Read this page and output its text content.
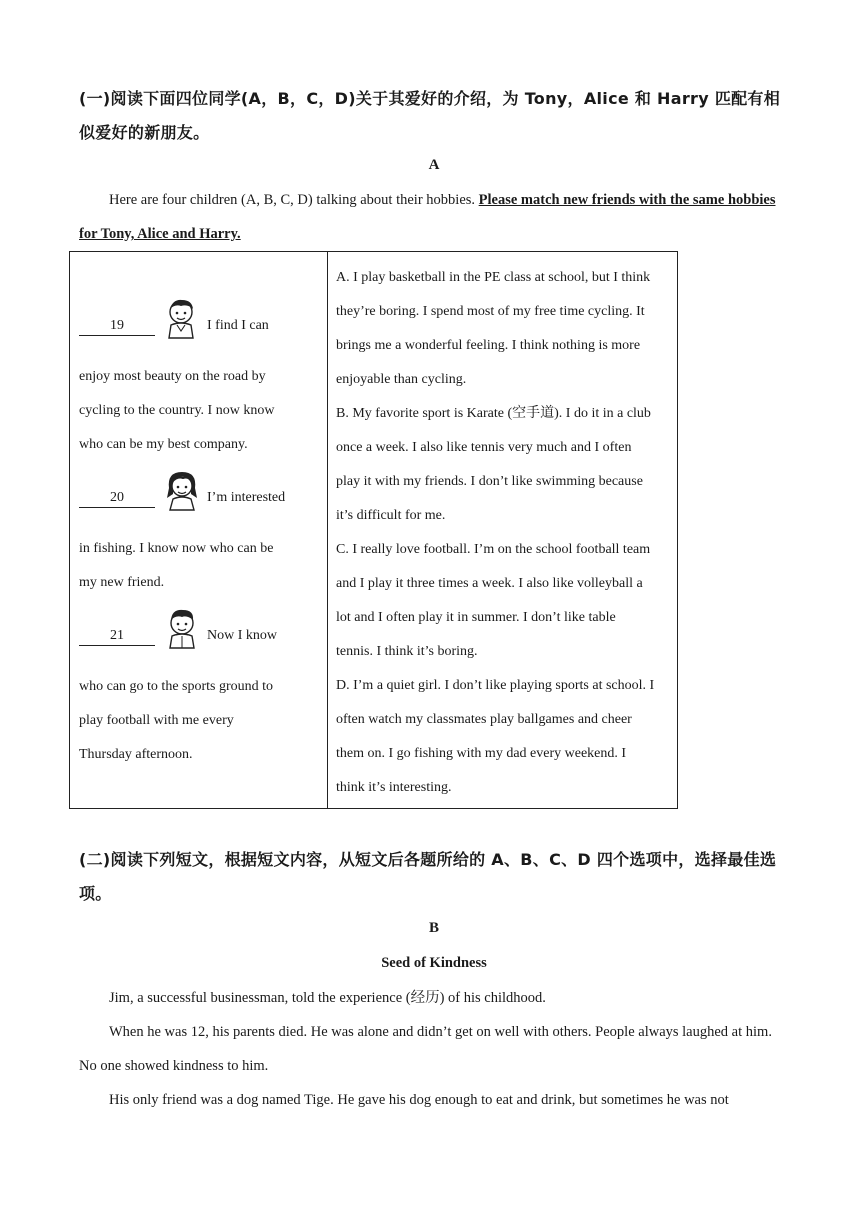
(一)阅读下面四位同学(A，B，C，D)关于其爱好的介绍，为 Tony，Alice 和 Harry 匹配有相似爱好的新朋友。
A
Here are four children (A, B, C, D) talking about their hobbies. Please match new friends with the same hobbies for Tony, Alice and Harry.
19	I find I can
enjoy most beauty on the road by
cycling to the country. I now know
who can be my best company.
20	I’m interested
in fishing. I know now who can be
my new friend.
21	Now I know
who can go to the sports ground to
play football with me every
Thursday afternoon.

A. I play basketball in the PE class at school, but I think
they’re boring. I spend most of my free time cycling. It
brings me a wonderful feeling. I think nothing is more
enjoyable than cycling.
B. My favorite sport is Karate (空手道). I do it in a club
once a week. I also like tennis very much and I often
play it with my friends. I don’t like swimming because
it’s difficult for me.
C. I really love football. I’m on the school football team
and I play it three times a week. I also like volleyball a
lot and I often play it in summer. I don’t like table
tennis. I think it’s boring.
D. I’m a quiet girl. I don’t like playing sports at school. I
often watch my classmates play ballgames and cheer
them on. I go fishing with my dad every weekend. I
think it’s interesting.
(二)阅读下列短文，根据短文内容，从短文后各题所给的 A、B、C、D 四个选项中，选择最佳选项。
B
Seed of Kindness
Jim, a successful businessman, told the experience (经历) of his childhood.
When he was 12, his parents died. He was alone and didn’t get on well with others. People always laughed at him. No one showed kindness to him.
His only friend was a dog named Tige. He gave his dog enough to eat and drink, but sometimes he was not
